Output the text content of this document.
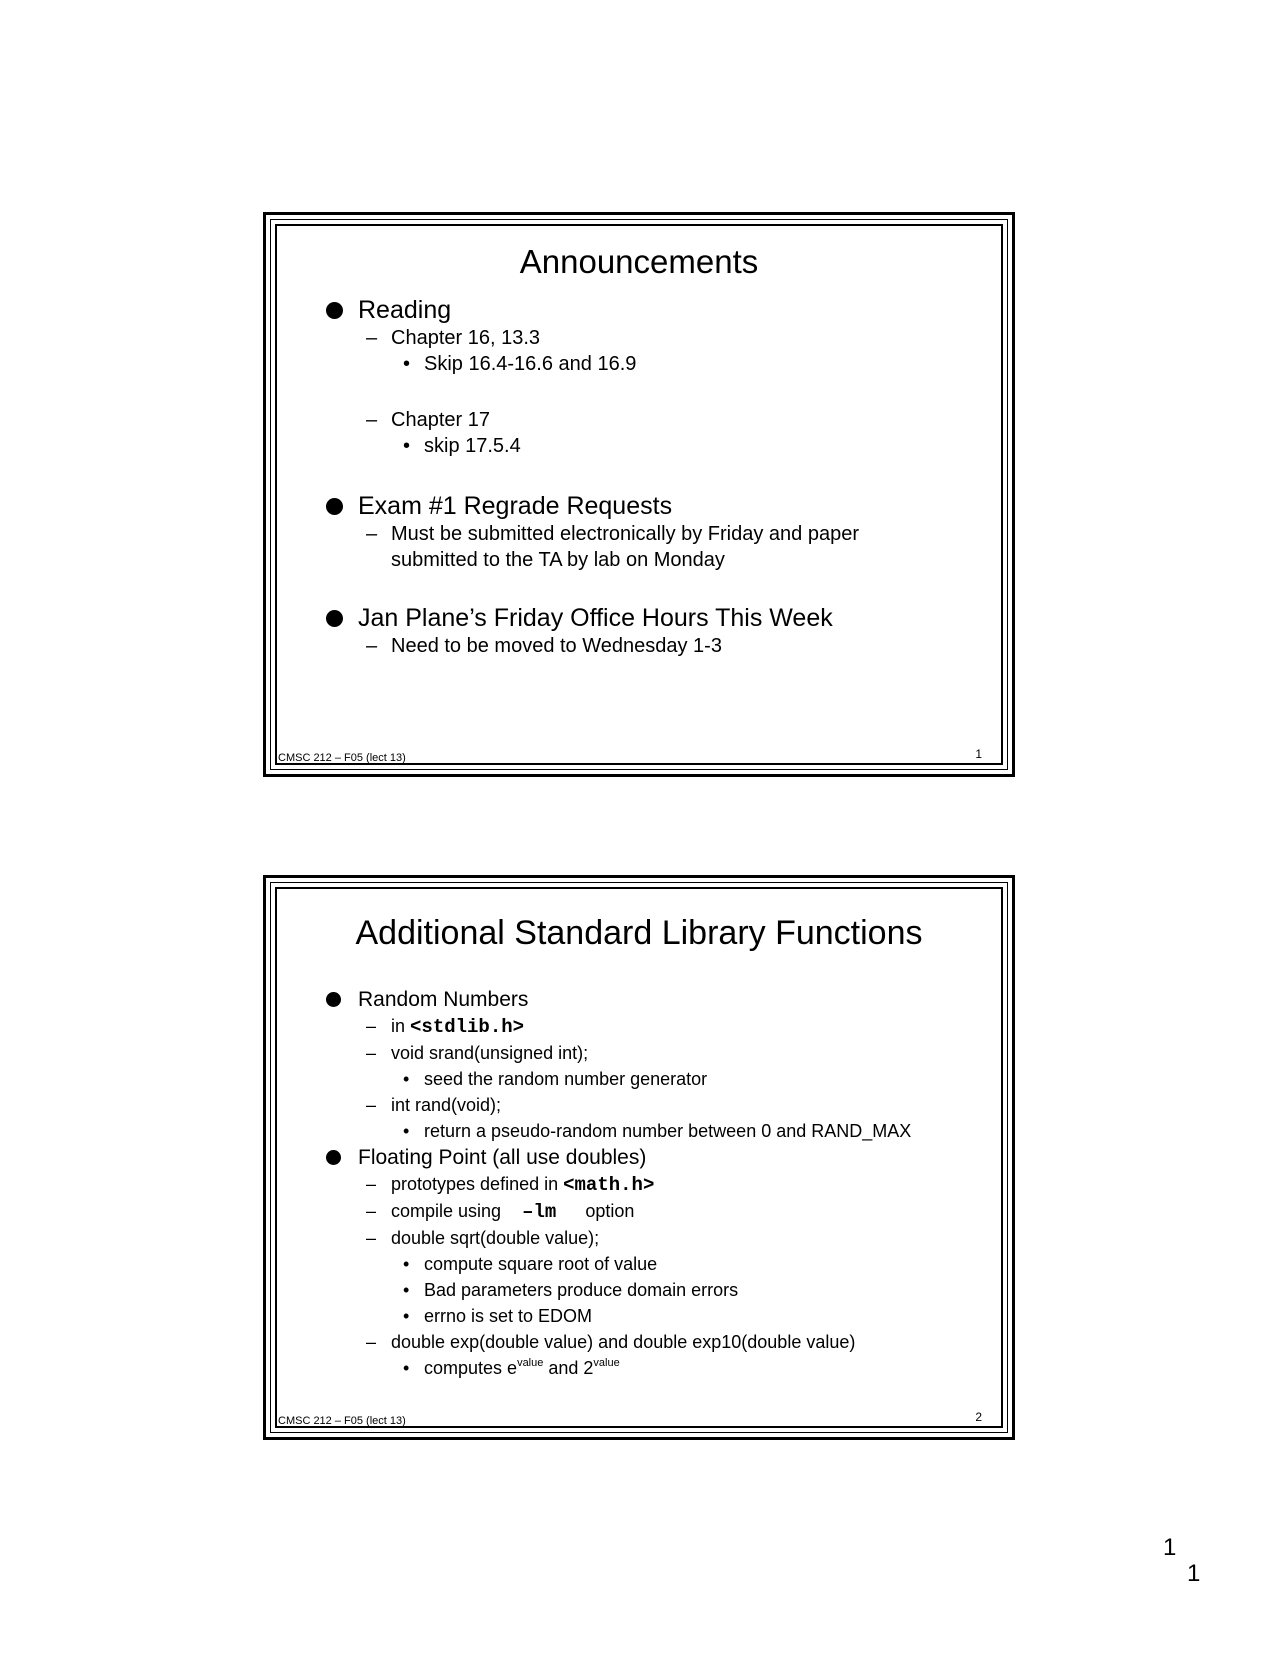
Announcements
Reading
– Chapter 16, 13.3
• Skip 16.4-16.6 and 16.9
– Chapter 17
• skip 17.5.4
Exam #1 Regrade Requests
– Must be submitted electronically by Friday and paper submitted to the TA by lab on Monday
Jan Plane’s Friday Office Hours This Week
– Need to be moved to Wednesday 1-3
CMSC 212 – F05 (lect 13)	1
Additional Standard Library Functions
Random Numbers
– in <stdlib.h>
– void srand(unsigned int);
• seed the random number generator
– int rand(void);
• return a pseudo-random number between 0 and RAND_MAX
Floating Point (all use doubles)
– prototypes defined in <math.h>
– compile using –lm option
– double sqrt(double value);
• compute square root of value
• Bad parameters produce domain errors
• errno is set to EDOM
– double exp(double value) and double exp10(double value)
• computes $e^{value}$ and $2^{value}$
CMSC 212 – F05 (lect 13)	2
1
1
